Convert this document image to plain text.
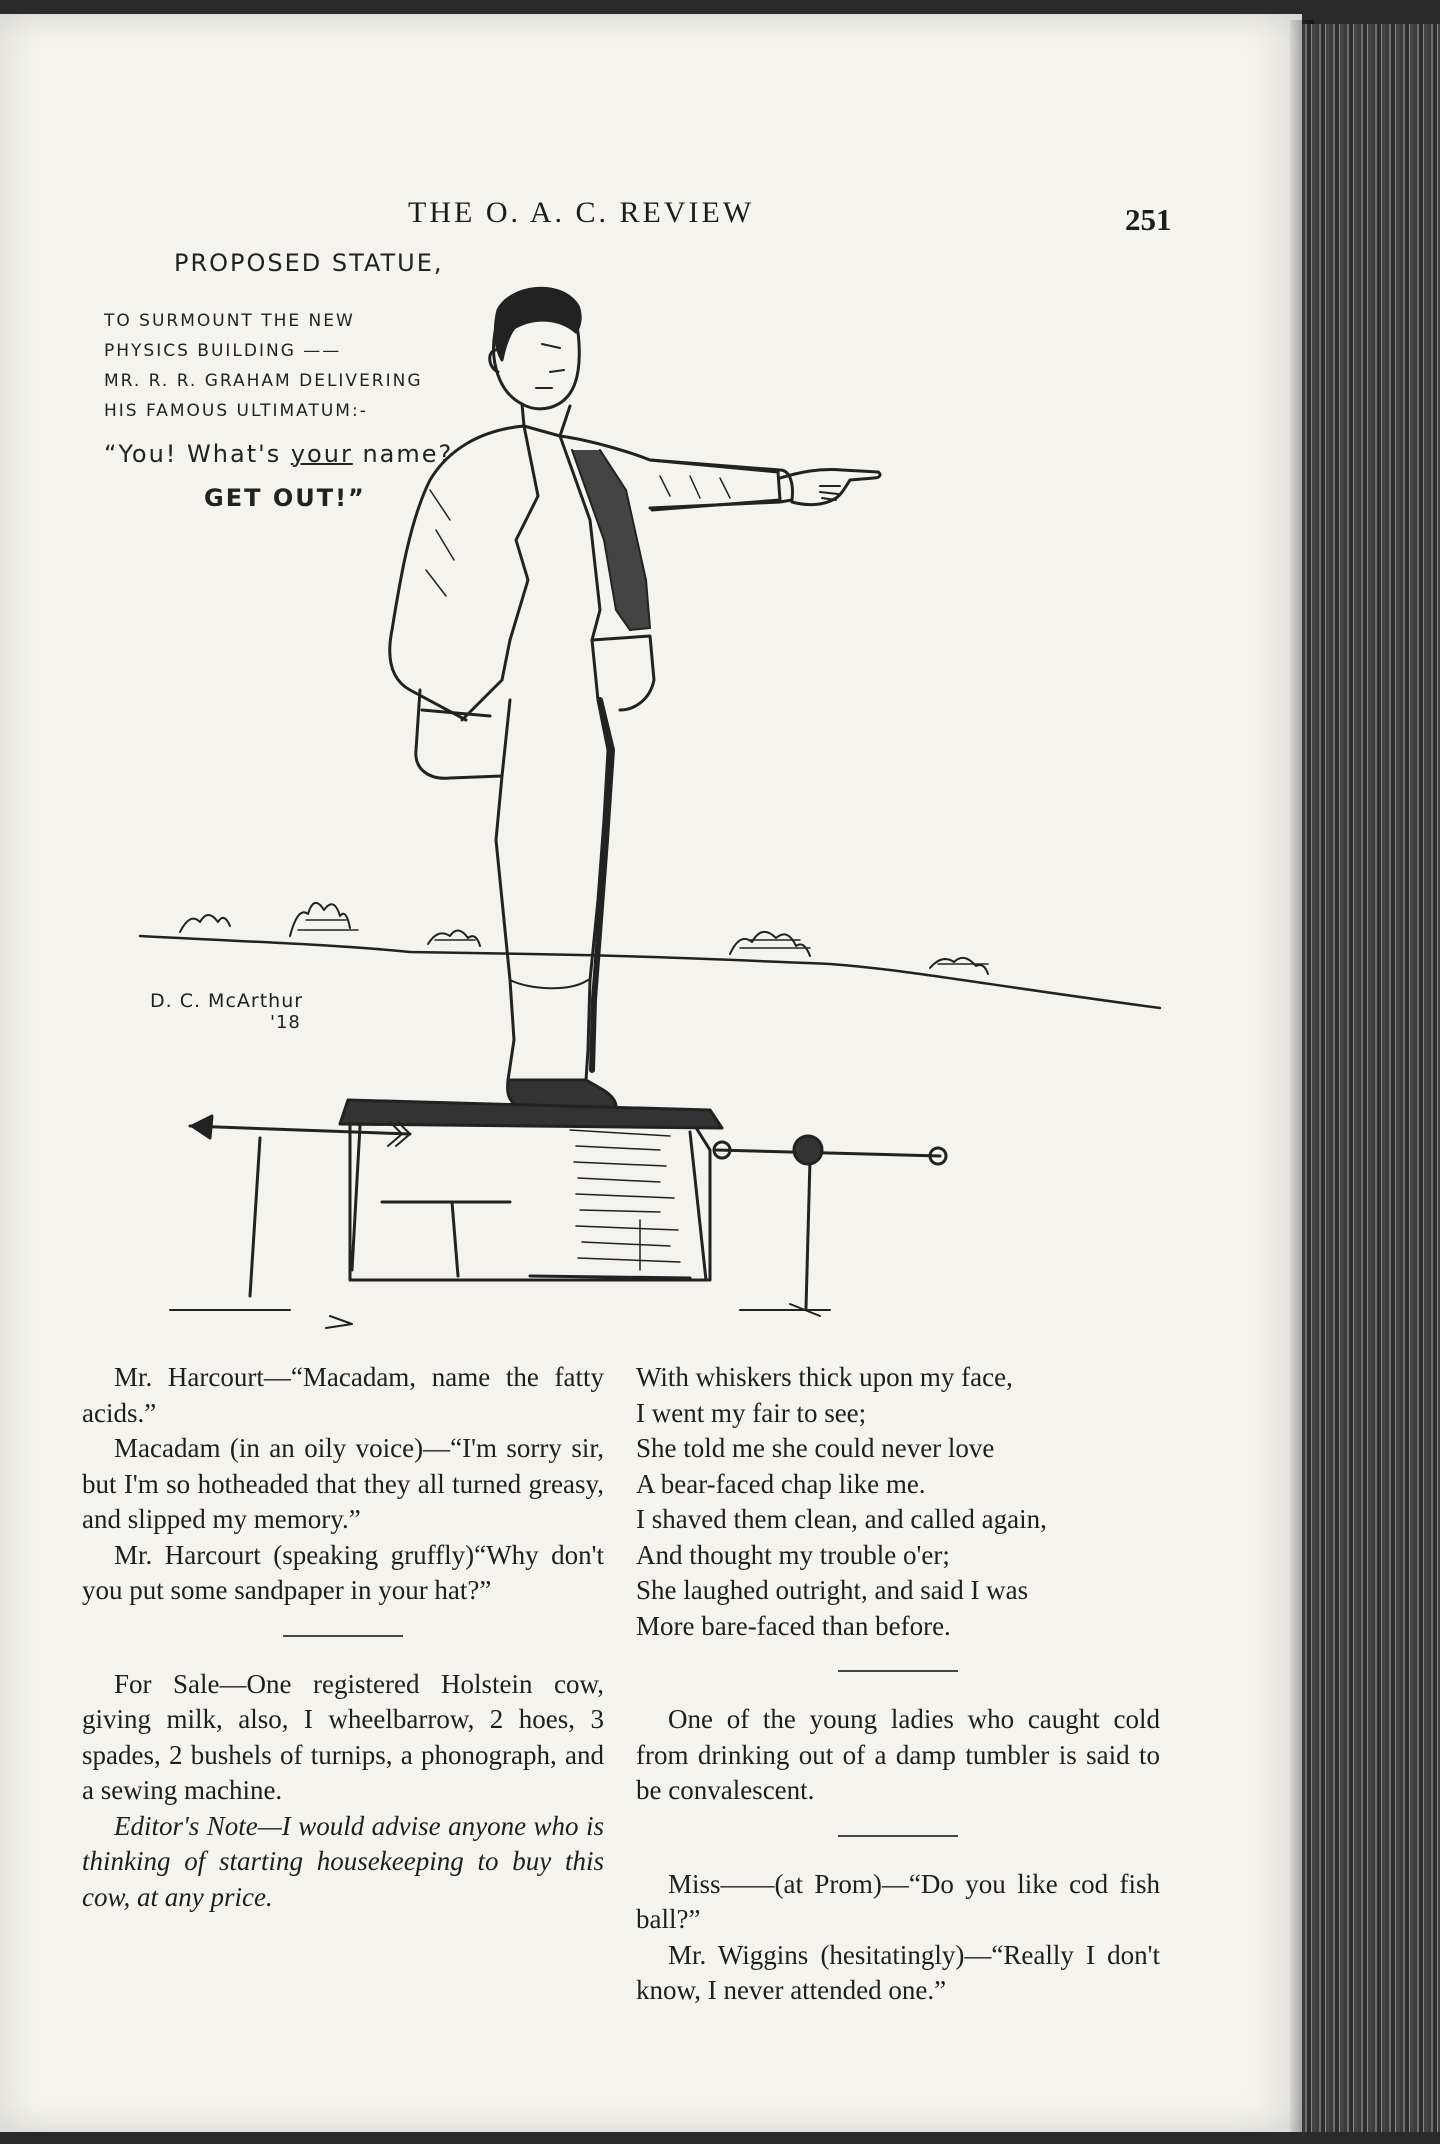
THE O. A. C. REVIEW	251
PROPOSED STATUE,
TO SURMOUNT THE NEW
PHYSICS BUILDING ——
MR. R. R. GRAHAM DELIVERING
HIS FAMOUS ULTIMATUM:-
“You! What's your name?
GET OUT!”
D. C. McArthur
'18

Mr. Harcourt—“Macadam, name the fatty acids.”

Macadam (in an oily voice)—“I'm sorry sir, but I'm so hotheaded that they all turned greasy, and slipped my memory.”

Mr. Harcourt (speaking gruffly)“Why don't you put some sandpaper in your hat?”

For Sale—One registered Holstein cow, giving milk, also, I wheelbarrow, 2 hoes, 3 spades, 2 bushels of turnips, a phonograph, and a sewing machine.

Editor's Note—I would advise anyone who is thinking of starting housekeeping to buy this cow, at any price.

With whiskers thick upon my face,

I went my fair to see;

She told me she could never love

A bear-faced chap like me.

I shaved them clean, and called again,

And thought my trouble o'er;

She laughed outright, and said I was

More bare-faced than before.

One of the young ladies who caught cold from drinking out of a damp tumbler is said to be convalescent.

Miss——(at Prom)—“Do you like cod fish ball?”

Mr. Wiggins (hesitatingly)—“Really I don't know, I never attended one.”
